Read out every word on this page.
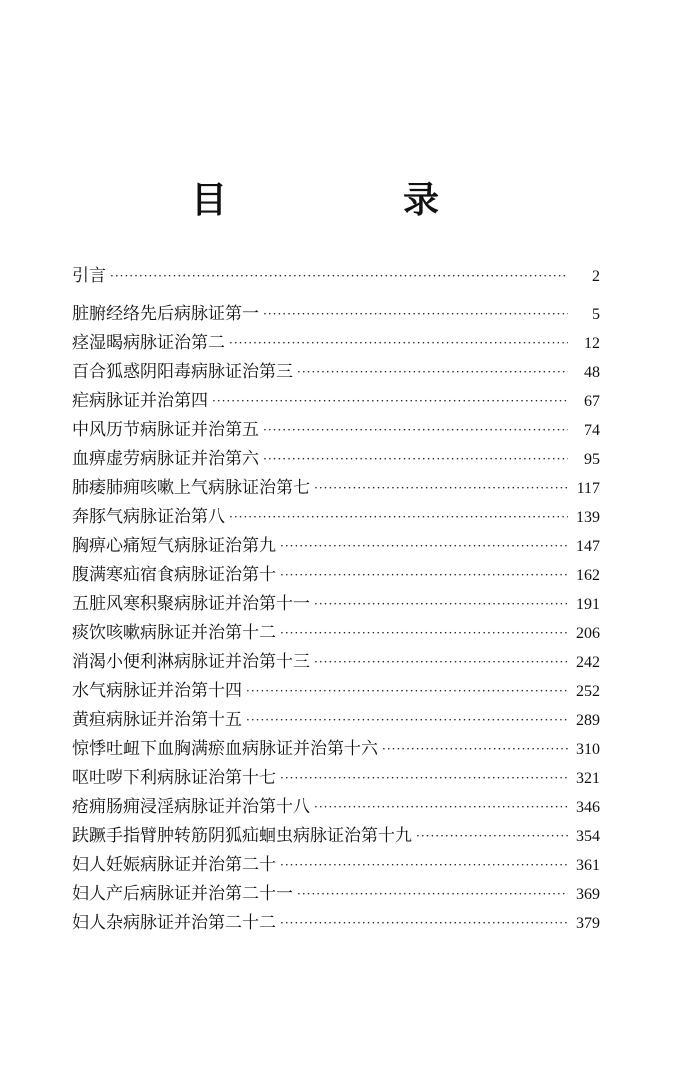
目　录
引言 ·····	2
脏腑经络先后病脉证第一 ·····	5
痉湿暍病脉证治第二 ·····	12
百合狐惑阴阳毒病脉证治第三 ·····	48
疟病脉证并治第四 ·····	67
中风历节病脉证并治第五 ·····	74
血痹虚劳病脉证并治第六 ·····	95
肺痿肺痈咳嗽上气病脉证治第七 ·····	117
奔豚气病脉证治第八 ·····	139
胸痹心痛短气病脉证治第九 ·····	147
腹满寒疝宿食病脉证治第十 ·····	162
五脏风寒积聚病脉证并治第十一 ·····	191
痰饮咳嗽病脉证并治第十二 ·····	206
消渴小便利淋病脉证并治第十三 ·····	242
水气病脉证并治第十四 ·····	252
黄疸病脉证并治第十五 ·····	289
惊悸吐衄下血胸满瘀血病脉证并治第十六 ·····	310
呕吐哕下利病脉证治第十七 ·····	321
疮痈肠痈浸淫病脉证并治第十八 ·····	346
趺蹶手指臂肿转筋阴狐疝蛔虫病脉证治第十九 ·····	354
妇人妊娠病脉证并治第二十 ·····	361
妇人产后病脉证并治第二十一 ·····	369
妇人杂病脉证并治第二十二 ·····	379
